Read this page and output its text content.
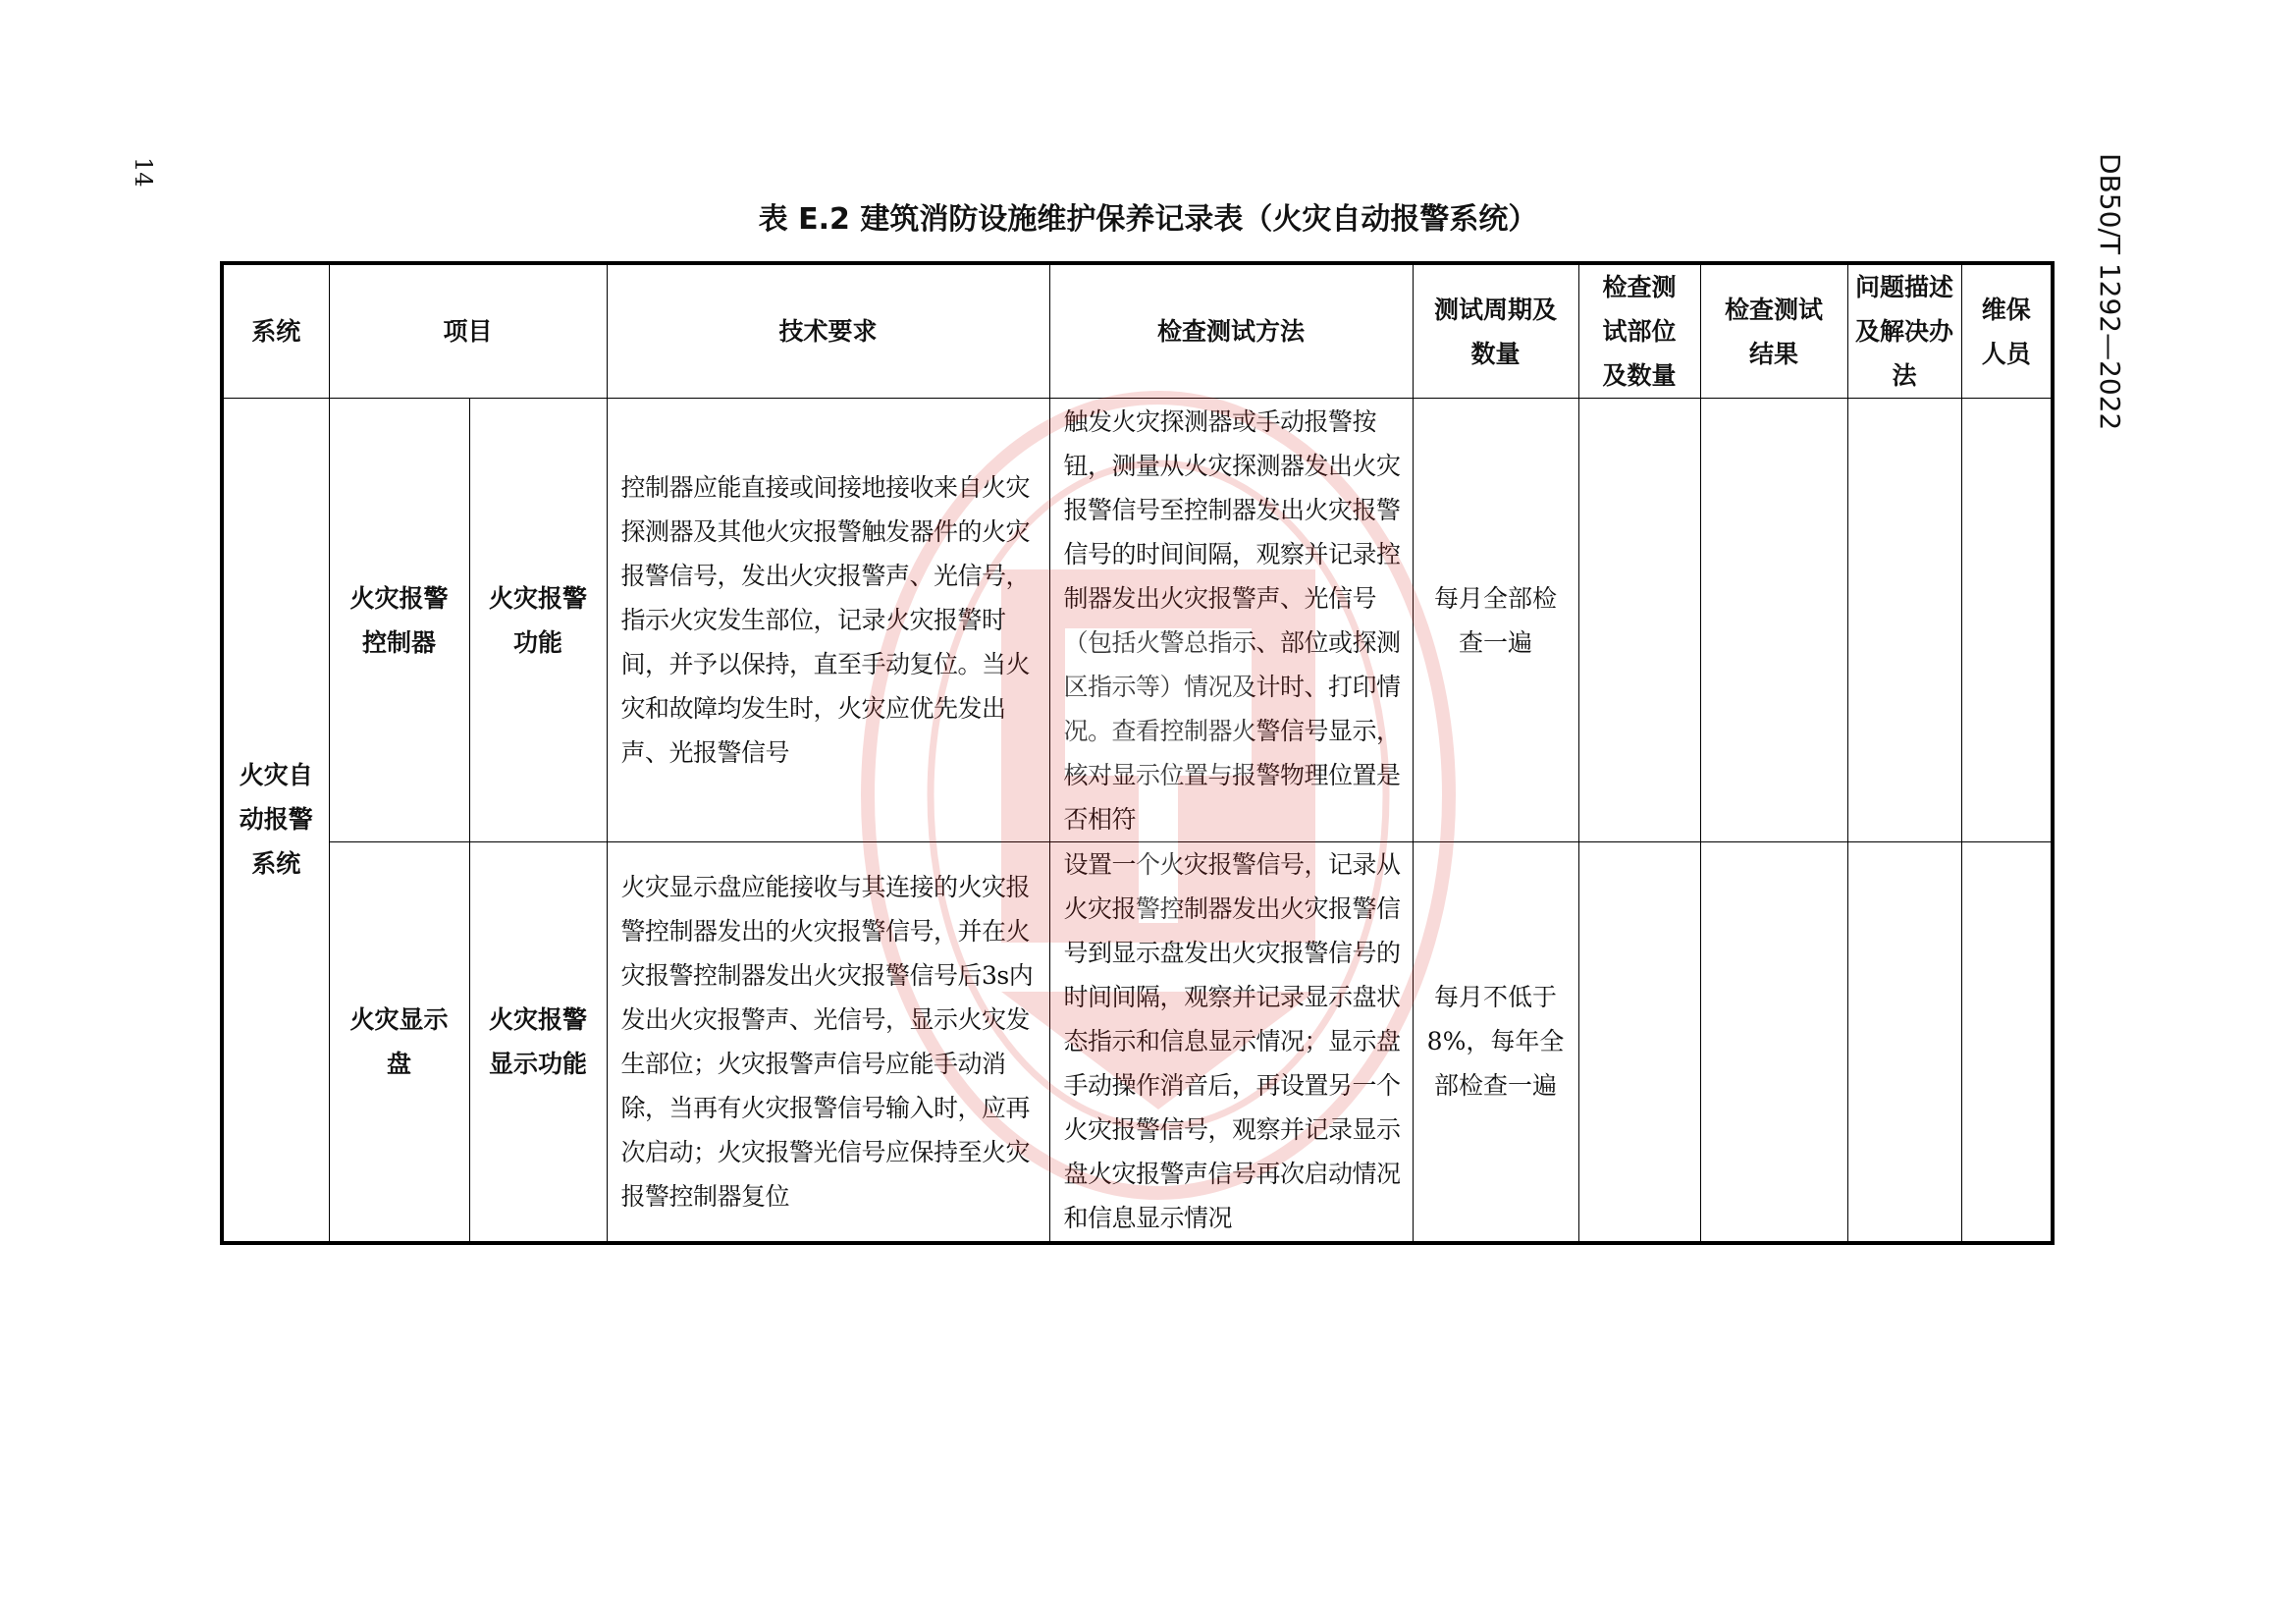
14	DB50/T 1292—2022
表 E.2 建筑消防设施维护保养记录表（火灾自动报警系统）
系统	项目		技术要求	检查测试方法	测试周期及数量	检查测试部位及数量	检查测试结果	问题描述及解决办法	维保人员

火灾自动报警系统	火灾报警控制器	火灾报警功能	控制器应能直接或间接地接收来自火灾探测器及其他火灾报警触发器件的火灾报警信号，发出火灾报警声、光信号，指示火灾发生部位，记录火灾报警时间，并予以保持，直至手动复位。当火灾和故障均发生时，火灾应优先发出声、光报警信号	触发火灾探测器或手动报警按钮，测量从火灾探测器发出火灾报警信号至控制器发出火灾报警信号的时间间隔，观察并记录控制器发出火灾报警声、光信号（包括火警总指示、部位或探测区指示等）情况及计时、打印情况。查看控制器火警信号显示，核对显示位置与报警物理位置是否相符	每月全部检查一遍				

	火灾显示盘	火灾报警显示功能	火灾显示盘应能接收与其连接的火灾报警控制器发出的火灾报警信号，并在火灾报警控制器发出火灾报警信号后3s内发出火灾报警声、光信号，显示火灾发生部位；火灾报警声信号应能手动消除，当再有火灾报警信号输入时，应再次启动；火灾报警光信号应保持至火灾报警控制器复位	设置一个火灾报警信号，记录从火灾报警控制器发出火灾报警信号到显示盘发出火灾报警信号的时间间隔，观察并记录显示盘状态指示和信息显示情况；显示盘手动操作消音后，再设置另一个火灾报警信号，观察并记录显示盘火灾报警声信号再次启动情况和信息显示情况	每月不低于8%，每年全部检查一遍				
